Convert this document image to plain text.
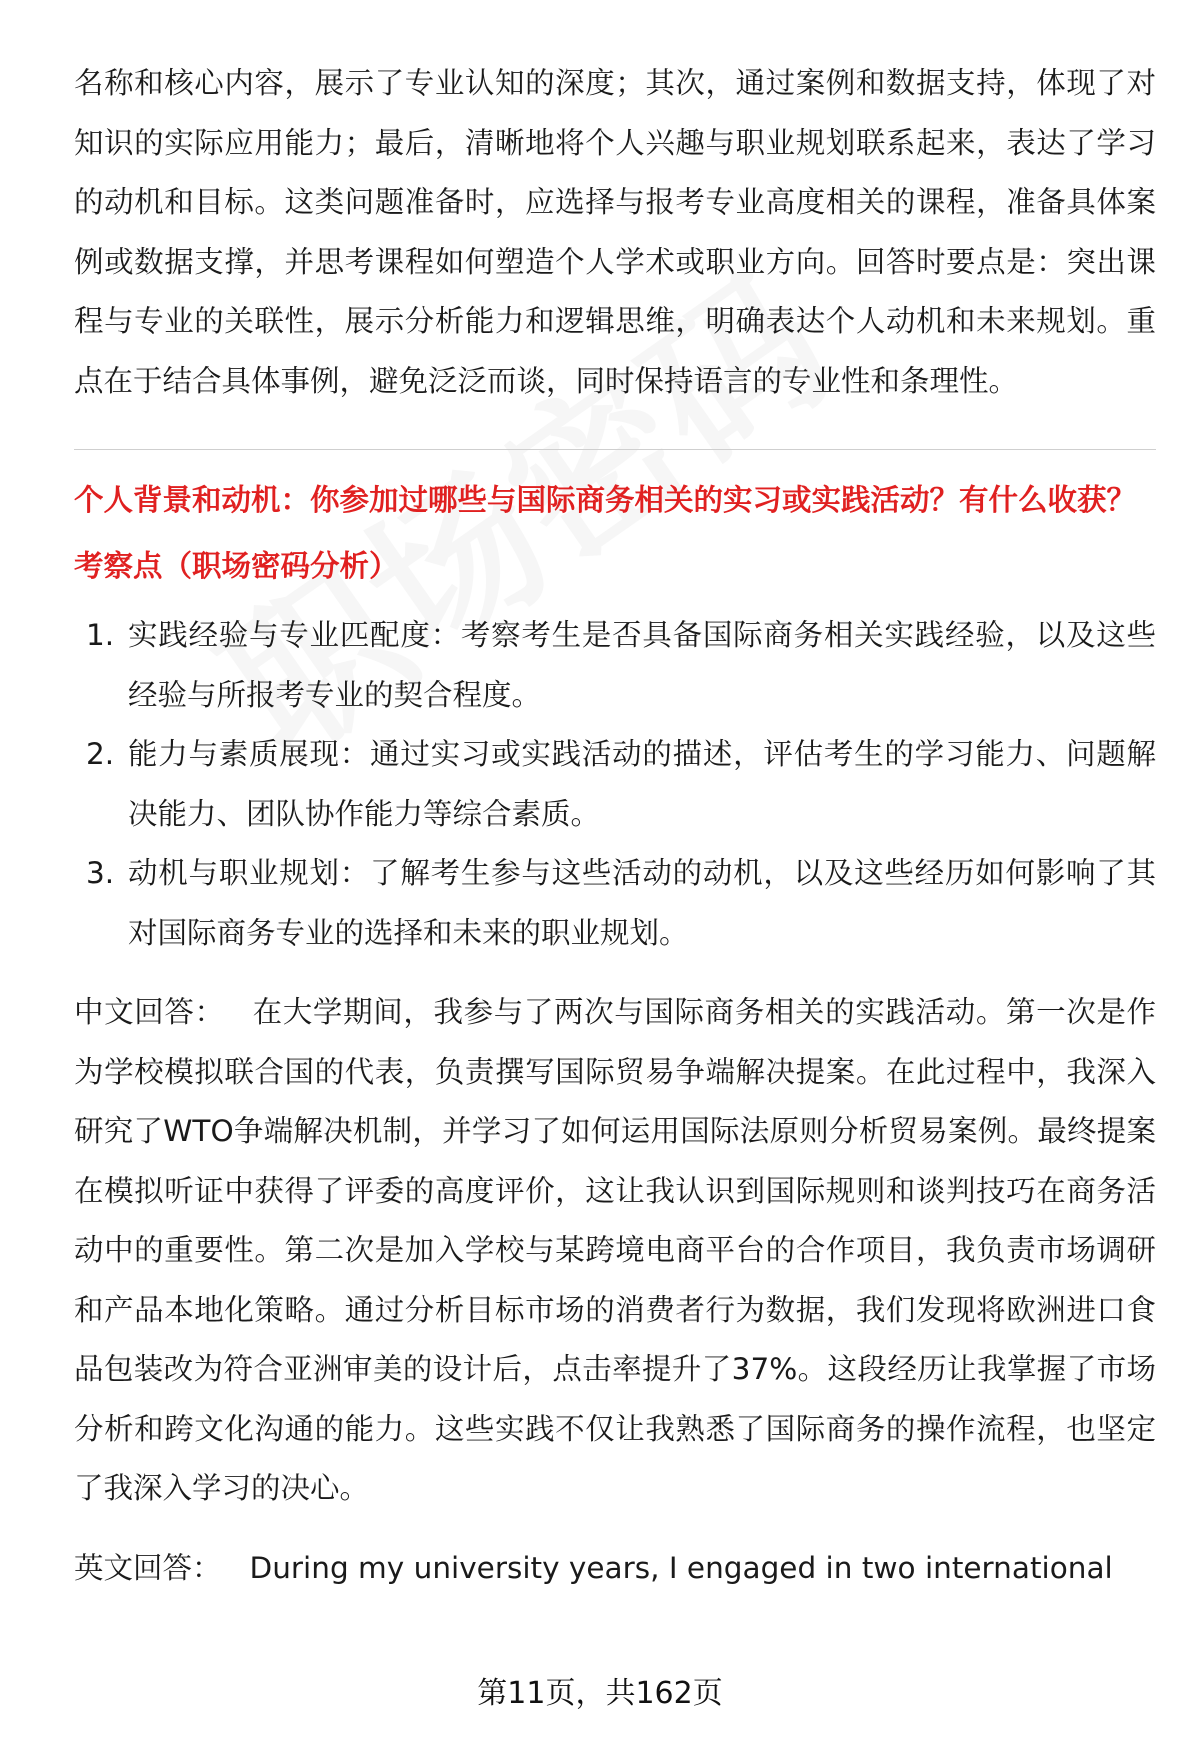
名称和核心内容，展示了专业认知的深度；其次，通过案例和数据支持，体现了对知识的实际应用能力；最后，清晰地将个人兴趣与职业规划联系起来，表达了学习的动机和目标。这类问题准备时，应选择与报考专业高度相关的课程，准备具体案例或数据支撑，并思考课程如何塑造个人学术或职业方向。回答时要点是：突出课程与专业的关联性，展示分析能力和逻辑思维，明确表达个人动机和未来规划。重点在于结合具体事例，避免泛泛而谈，同时保持语言的专业性和条理性。

个人背景和动机：你参加过哪些与国际商务相关的实习或实践活动？有什么收获？

考察点（职场密码分析）

1. 实践经验与专业匹配度：考察考生是否具备国际商务相关实践经验，以及这些经验与所报考专业的契合程度。
2. 能力与素质展现：通过实习或实践活动的描述，评估考生的学习能力、问题解决能力、团队协作能力等综合素质。
3. 动机与职业规划：了解考生参与这些活动的动机，以及这些经历如何影响了其对国际商务专业的选择和未来的职业规划。
中文回答： 在大学期间，我参与了两次与国际商务相关的实践活动。第一次是作为学校模拟联合国的代表，负责撰写国际贸易争端解决提案。在此过程中，我深入研究了WTO争端解决机制，并学习了如何运用国际法原则分析贸易案例。最终提案在模拟听证中获得了评委的高度评价，这让我认识到国际规则和谈判技巧在商务活动中的重要性。第二次是加入学校与某跨境电商平台的合作项目，我负责市场调研和产品本地化策略。通过分析目标市场的消费者行为数据，我们发现将欧洲进口食品包装改为符合亚洲审美的设计后，点击率提升了37%。这段经历让我掌握了市场分析和跨文化沟通的能力。这些实践不仅让我熟悉了国际商务的操作流程，也坚定了我深入学习的决心。
英文回答： During my university years, I engaged in two international
第11页，共162页
